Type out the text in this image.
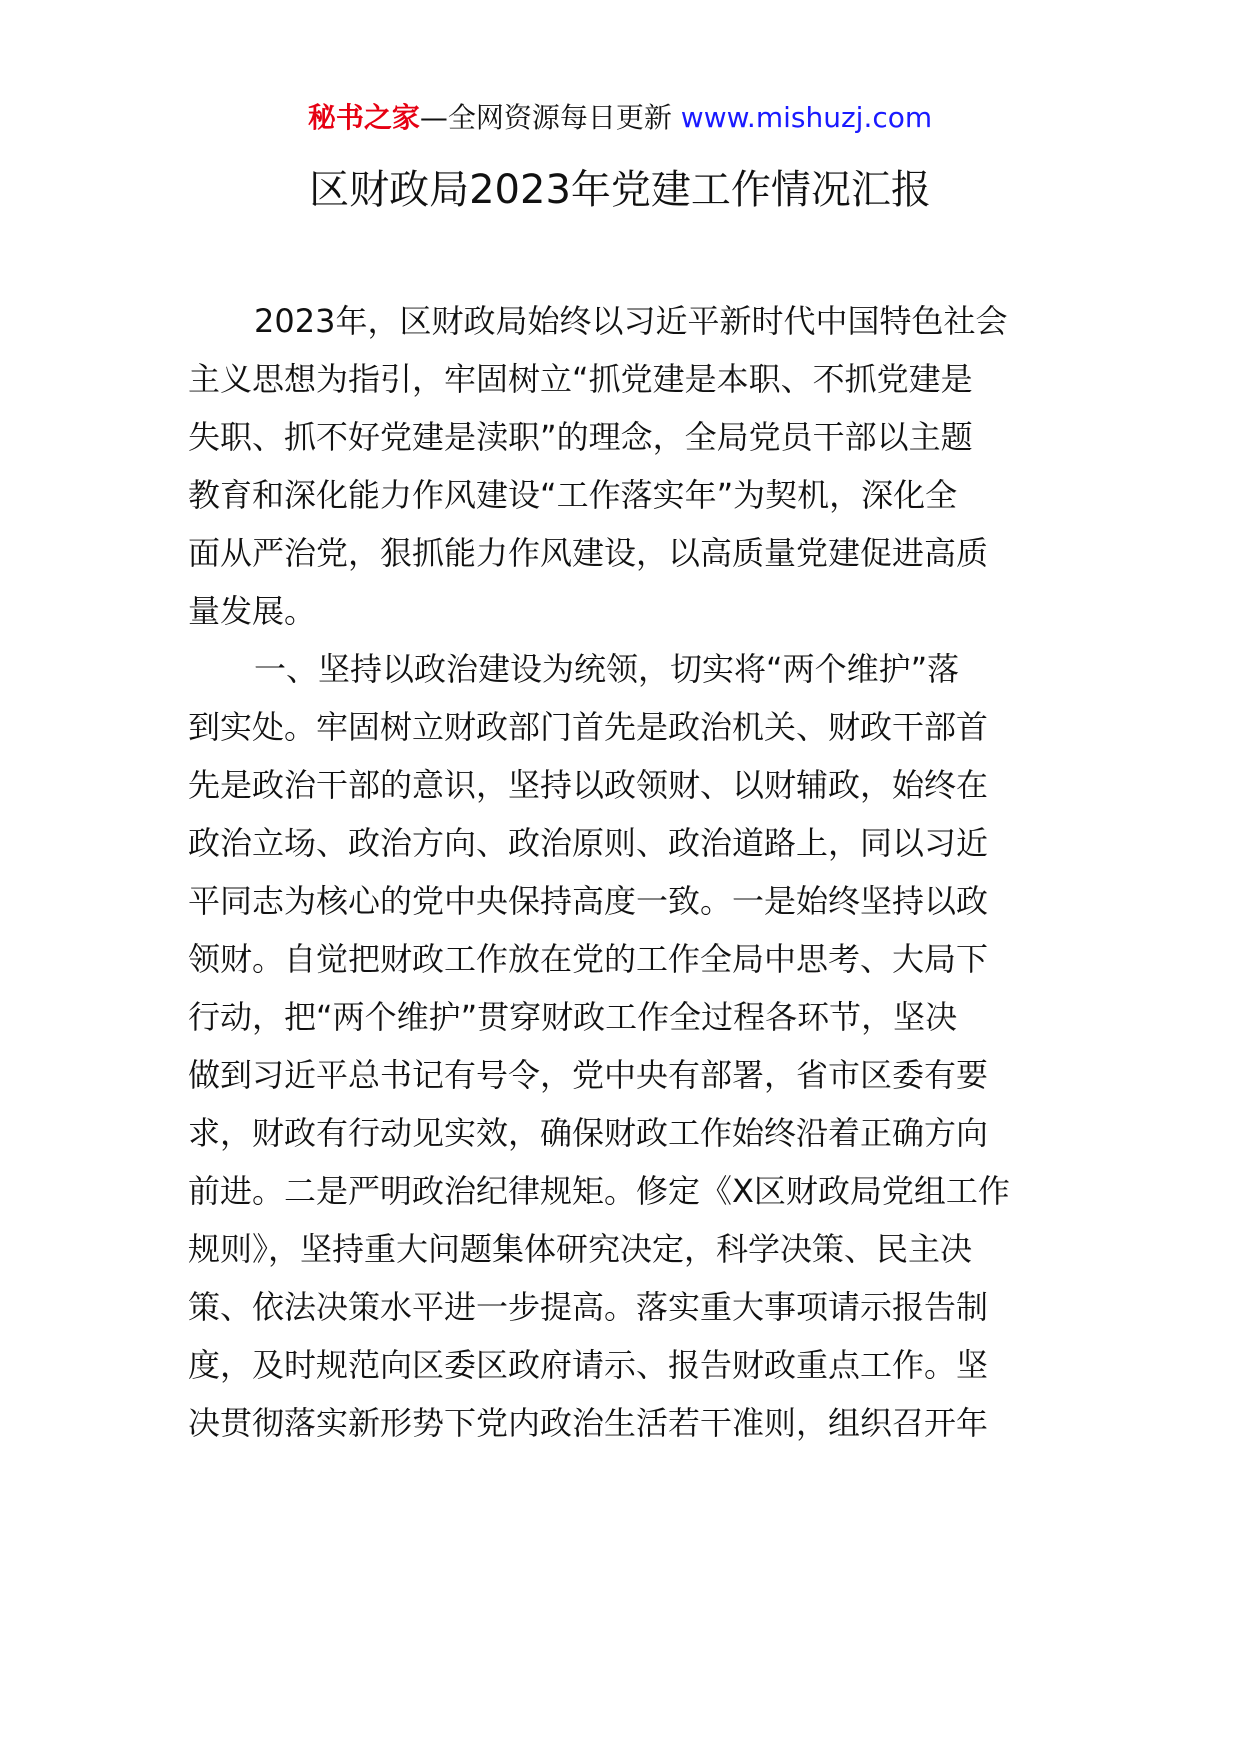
秘书之家—全网资源每日更新 www.mishuzj.com
区财政局2023年党建工作情况汇报
2023年，区财政局始终以习近平新时代中国特色社会
主义思想为指引，牢固树立“抓党建是本职、不抓党建是
失职、抓不好党建是渎职”的理念，全局党员干部以主题
教育和深化能力作风建设“工作落实年”为契机，深化全
面从严治党，狠抓能力作风建设，以高质量党建促进高质
量发展。
一、坚持以政治建设为统领，切实将“两个维护”落
到实处。牢固树立财政部门首先是政治机关、财政干部首
先是政治干部的意识，坚持以政领财、以财辅政，始终在
政治立场、政治方向、政治原则、政治道路上，同以习近
平同志为核心的党中央保持高度一致。一是始终坚持以政
领财。自觉把财政工作放在党的工作全局中思考、大局下
行动，把“两个维护”贯穿财政工作全过程各环节，坚决
做到习近平总书记有号令，党中央有部署，省市区委有要
求，财政有行动见实效，确保财政工作始终沿着正确方向
前进。二是严明政治纪律规矩。修定《X区财政局党组工作
规则》，坚持重大问题集体研究决定，科学决策、民主决
策、依法决策水平进一步提高。落实重大事项请示报告制
度，及时规范向区委区政府请示、报告财政重点工作。坚
决贯彻落实新形势下党内政治生活若干准则，组织召开年
